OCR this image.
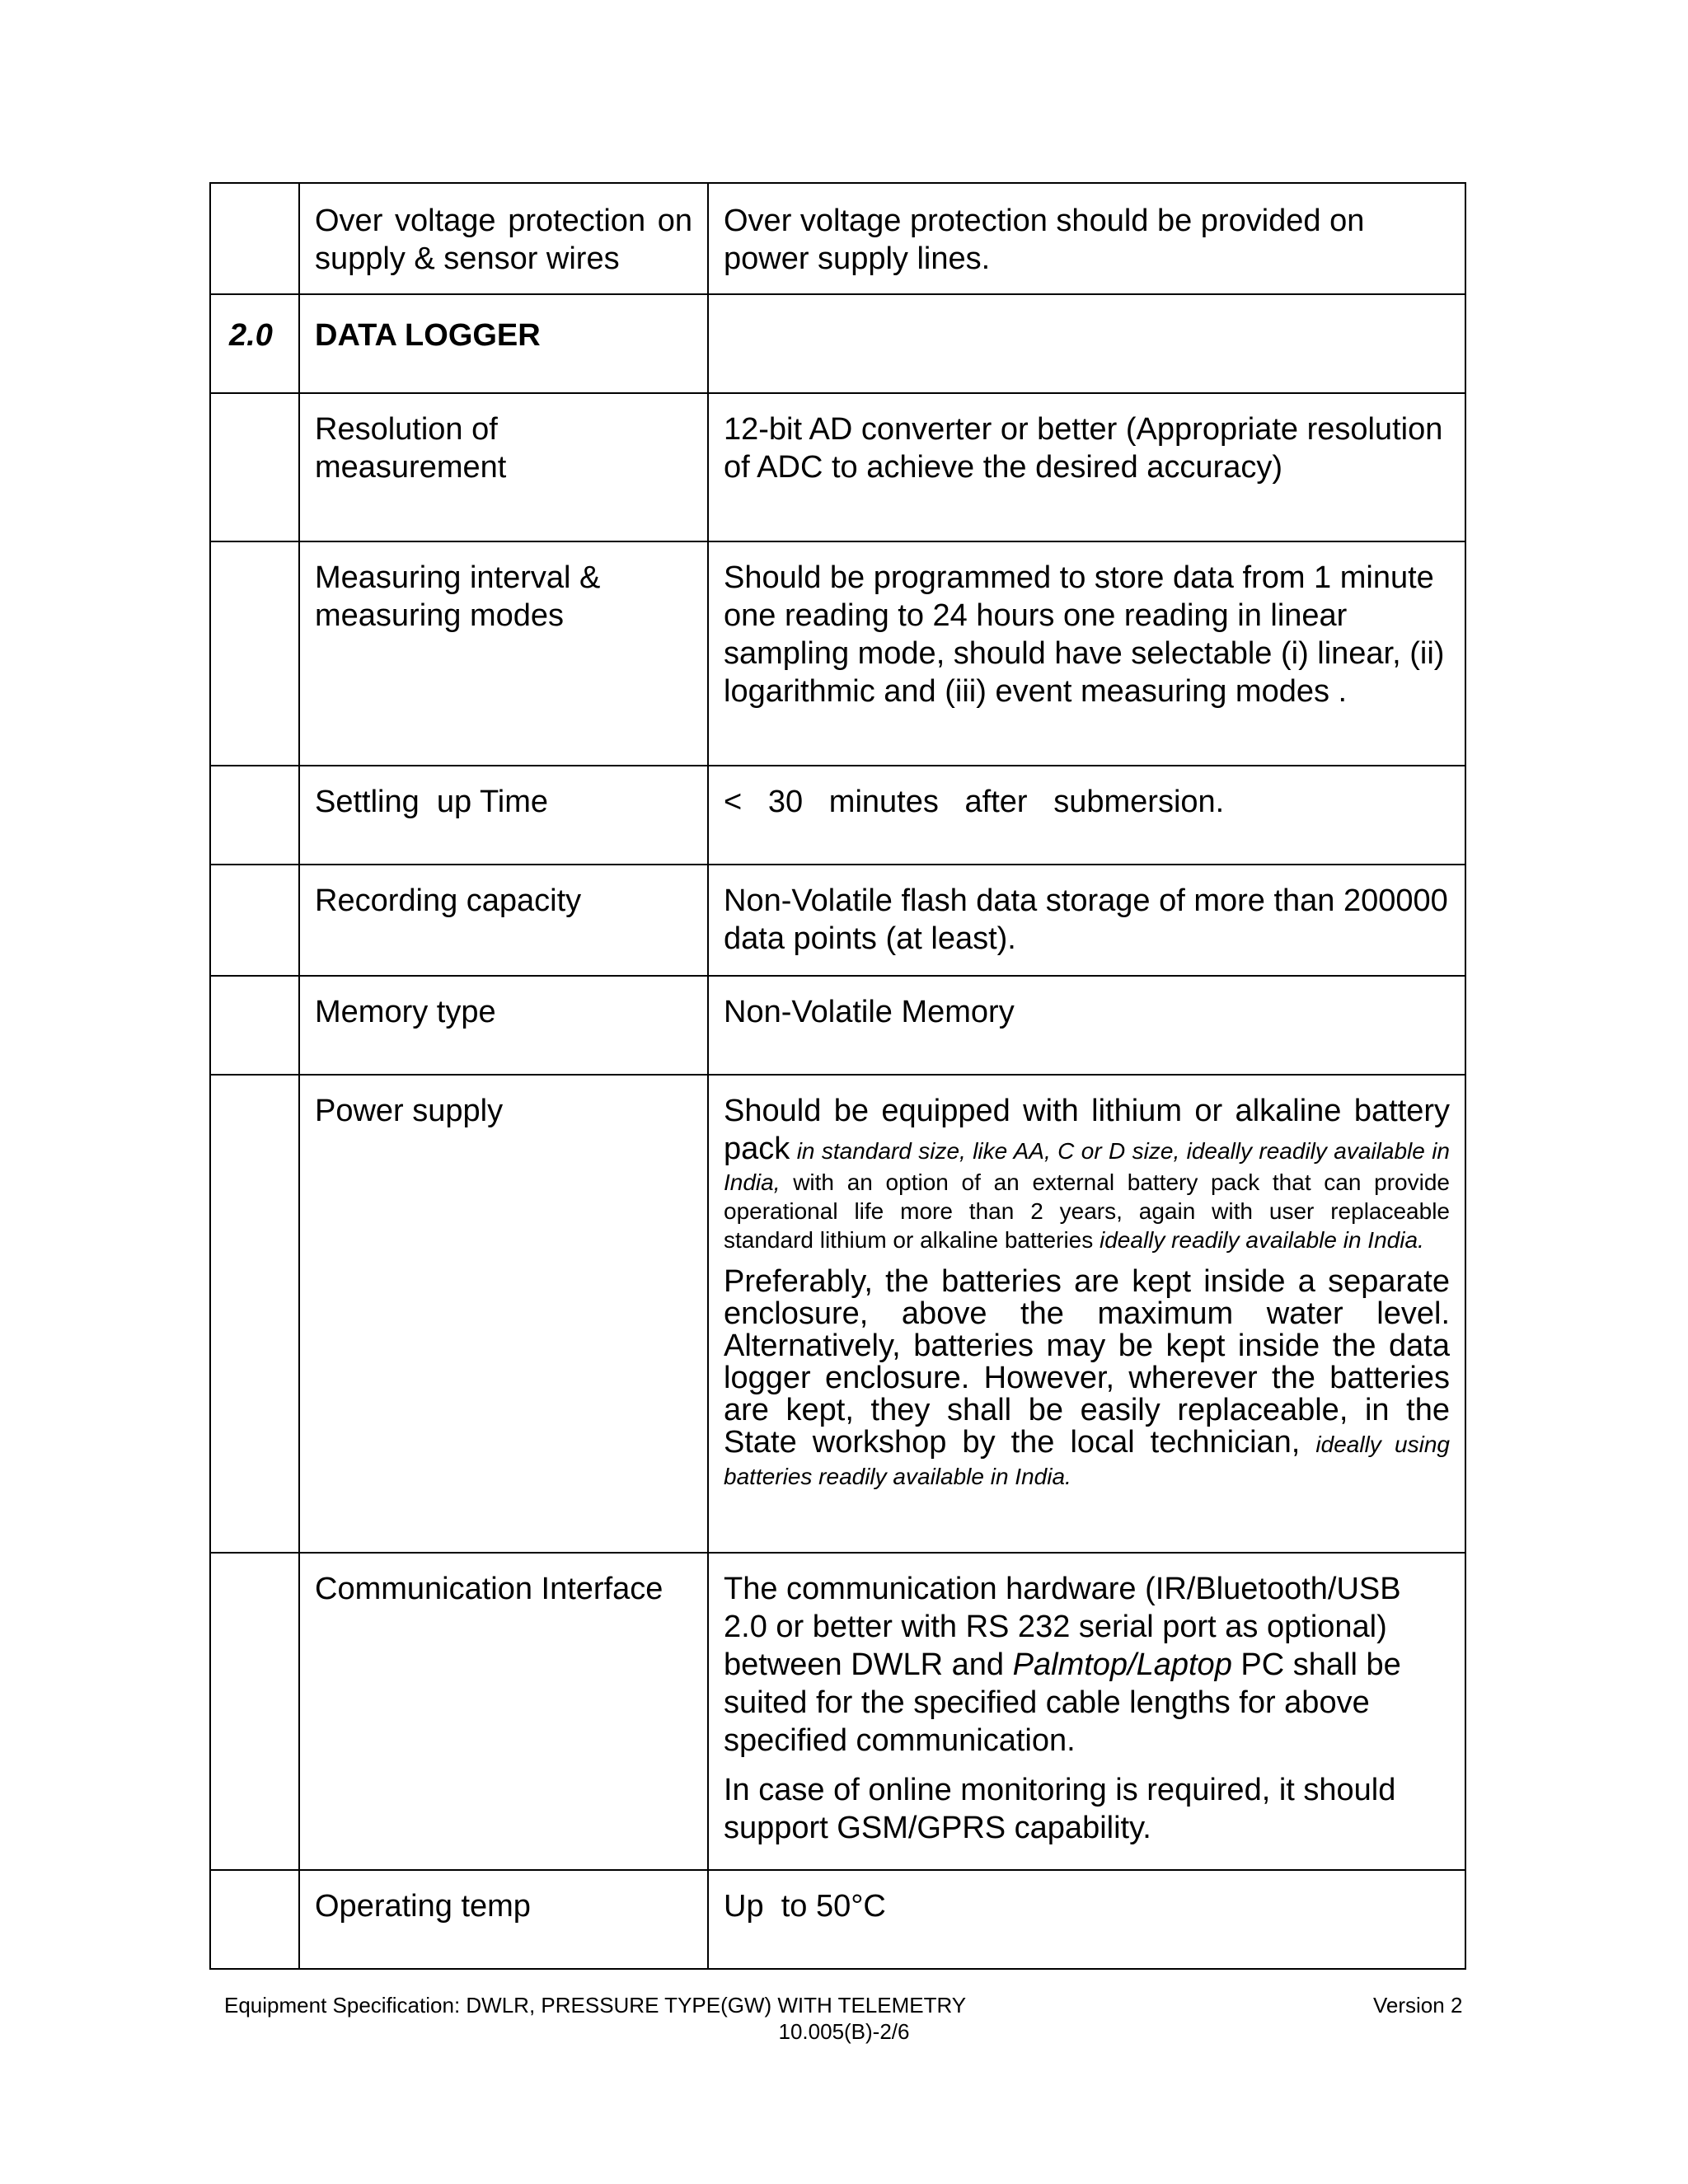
	Over voltage protection on supply & sensor wires	Over voltage protection should be provided on power supply lines.

2.0	DATA LOGGER	

	Resolution of measurement	12-bit AD converter or better (Appropriate resolution of ADC to achieve the desired accuracy)

	Measuring interval & measuring modes	Should be programmed to store data from 1 minute one reading to 24 hours one reading in linear sampling mode, should have selectable (i) linear, (ii) logarithmic and (iii) event measuring modes .

	Settling  up Time	<   30   minutes   after   submersion.

	Recording capacity	Non-Volatile flash data storage of more than 200000 data points (at least).

	Memory type	Non-Volatile Memory

	Power supply	Should be equipped with lithium or alkaline battery pack in standard size, like AA, C or D size, ideally readily available in India, with an option of an external battery pack that can provide operational life more than 2 years, again with user replaceable standard lithium or alkaline batteries ideally readily available in India.

Preferably, the batteries are kept inside a separate enclosure, above the maximum water level. Alternatively, batteries may be kept inside the data logger enclosure. However, wherever the batteries are kept, they shall be easily replaceable, in the State workshop by the local technician, ideally using batteries readily available in India.

	Communication Interface	The communication hardware (IR/Bluetooth/USB 2.0 or better with RS 232 serial port as optional) between DWLR and Palmtop/Laptop PC shall be suited for the specified cable lengths for above specified communication.

In case of online monitoring is required, it should support GSM/GPRS capability.

	Operating temp	Up  to 50°C
Equipment Specification: DWLR, PRESSURE TYPE(GW) WITH TELEMETRY	Version 2
10.005(B)-2/6
